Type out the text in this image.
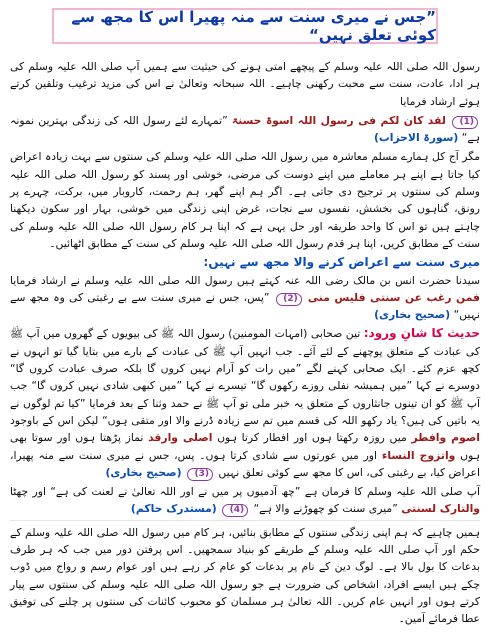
”جس نے میری سنت سے منہ پھیرا اس کا مجھ سے کوئی تعلق نہیں“

رسول اللہ صلی اللہ علیہ وسلم کے پیچھے امتی ہونے کی حیثیت سے ہمیں آپ صلی اللہ علیہ وسلم کی ہر ادا، عادت، سنت سے محبت رکھنی چاہیے۔ اللہ سبحانہ وتعالیٰ نے اس کی مزید ترغیب وتلقین کرتے ہوئے ارشاد فرمایا

(1) لقد کان لکم فی رسول اللہ اسوۃ حسنۃ ”تمہارے لئے رسول اللہ کی زندگی بہترین نمونہ ہے“ (سورۃ الاحزاب)

مگر آج کل ہمارے مسلم معاشرہ میں رسول اللہ صلی اللہ علیہ وسلم کی سنتوں سے بہت زیادہ اعراض کیا جاتا ہے اپنے ہر معاملے میں اپنے دوست کی مرضی، خوشی اور پسند کو رسول اللہ صلی اللہ علیہ وسلم کی سنتوں پر ترجیح دی جاتی ہے۔ اگر ہم اپنے گھر، ہم رحمت، کاروبار میں، برکت، چہرے پر رونق، گناہوں کی بخشش، نفسوں سے نجات، غرض اپنی زندگی میں خوشی، بہار اور سکون دیکھنا چاہتے ہیں تو اس کا واحد طریقہ اور حل یہی ہے کہ اپنا ہر کام رسول اللہ صلی اللہ علیہ وسلم کی سنت کے مطابق کریں، اپنا ہر قدم رسول اللہ صلی اللہ علیہ وسلم کی سنت کے مطابق اٹھائیں۔

میری سنت سے اعراض کرنے والا مجھ سے نہیں:

سیدنا حضرت انس بن مالک رضی اللہ عنہ کہتے ہیں رسول اللہ صلی اللہ علیہ وسلم نے ارشاد فرمایا فمن رغب عن سنتی فلیس منی (2) ”پس، جس نے میری سنت سے بے رغبتی کی وہ مجھ سے نہیں“ (صحیح بخاری)

حدیث کا شانِ ورود: تین صحابی (امہات المومنین) رسول اللہ ﷺ کی بیویوں کے گھروں میں آپ ﷺ کی عبادت کے متعلق پوچھنے کے لئے آئے۔ جب انہیں آپ ﷺ کی عبادت کے بارے میں بتایا گیا تو انہوں نے کچھ عزم کئے۔ ایک صحابی کہنے لگے ”میں رات کو آرام نہیں کروں گا بلکہ صرف عبادت کروں گا“ دوسرے نے کہا ”میں ہمیشہ نفلی روزے رکھوں گا“ تیسرے نے کہا ”میں کبھی شادی نہیں کروں گا“ جب آپ ﷺ کو ان تینوں جانثاروں کے متعلق یہ خبر ملی تو آپ ﷺ نے حمد وثنا کے بعد فرمایا ”کیا تم لوگوں نے یہ باتیں کی ہیں؟ یاد رکھو اللہ کی قسم میں تم سے زیادہ ڈرنے والا اور متقی ہوں“ لیکن اس کے باوجود اصوم وافطر میں روزہ رکھتا ہوں اور افطار کرتا ہوں اصلی وارقد نماز پڑھتا ہوں اور سوتا بھی ہوں واتزوج النساء اور میں عورتوں سے شادی کرتا ہوں۔ پس، جس نے میری سنت سے منہ پھیرا، اعراض کیا، بے رغبتی کی، اس کا مجھ سے کوئی تعلق نہیں (3) (صحیح بخاری)

آپ صلی اللہ علیہ وسلم کا فرمان ہے ”چھ آدمیوں پر میں نے اور اللہ تعالیٰ نے لعنت کی ہے“ اور چھٹا والتارک لسنتی ”میری سنت کو چھوڑنے والا ہے“ (4) (مستدرک حاکم)

ہمیں چاہیے کہ ہم اپنی زندگی سنتوں کے مطابق بنائیں، ہر کام میں رسول اللہ صلی اللہ علیہ وسلم کے حکم اور آپ صلی اللہ علیہ وسلم کے طریقے کو بنیاد سمجھیں۔ اس پرفتن دور میں جب کہ ہر طرف بدعات کا بول بالا ہے۔ لوگ دین کے نام پر بدعات کو عام کر رہے ہیں اور عوام رسم و رواج میں ڈوب چکے ہیں ایسے افراد، اشخاص کی ضرورت ہے جو رسول اللہ صلی اللہ علیہ وسلم کی سنتوں سے پیار کرتے ہوں اور انہیں عام کریں۔ اللہ تعالیٰ ہر مسلمان کو محبوب کائنات کی سنتوں پر چلنے کی توفیق عطا فرمائے آمین۔
